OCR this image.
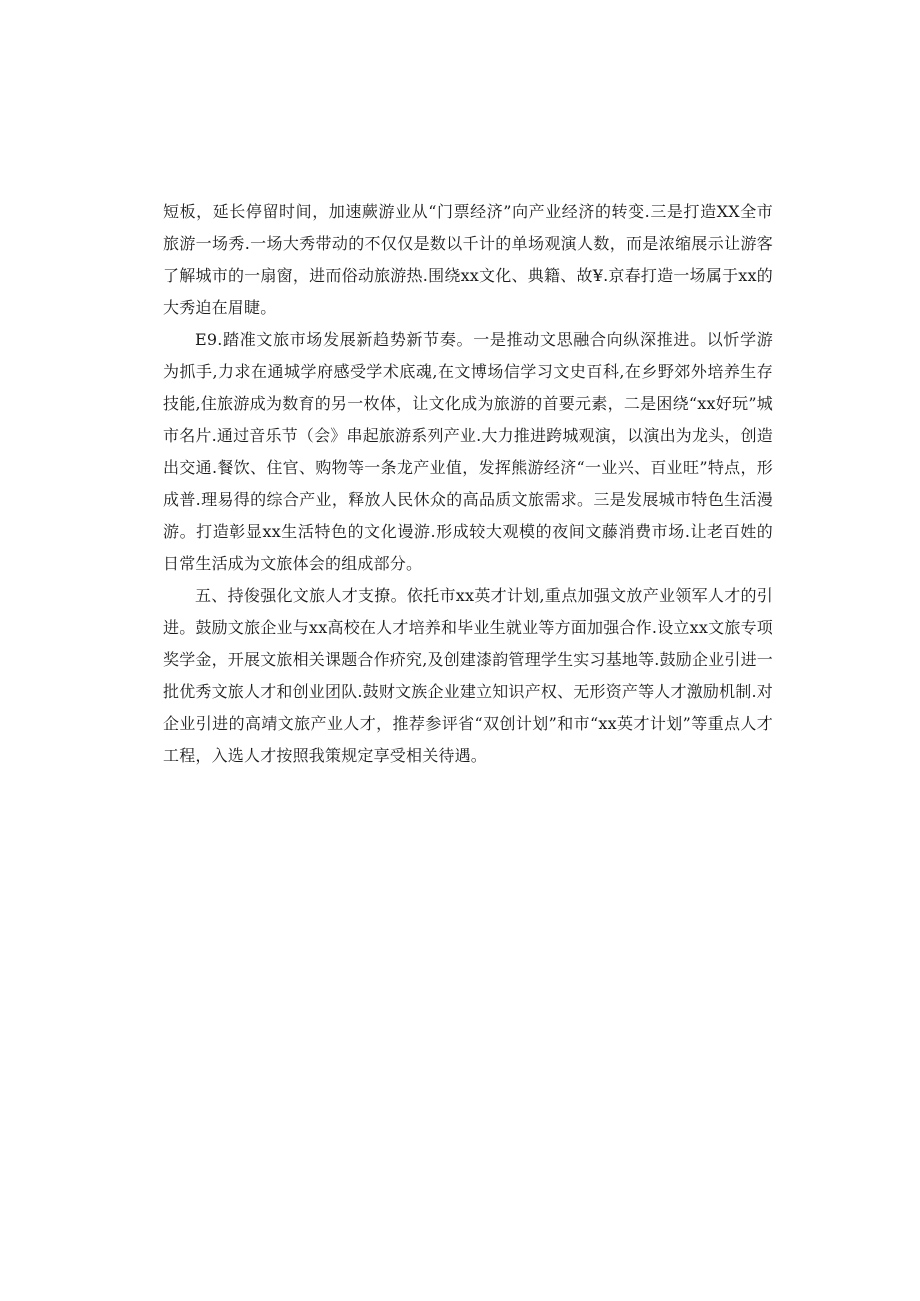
短板，延长停留时间，加速蕨游业从“门票经济”向产业经济的转变.三是打造XX全市旅游一场秀.一场大秀带动的不仅仅是数以千计的单场观演人数，而是浓缩展示让游客了解城市的一扇窗，进而俗动旅游热.围绕xx文化、典籍、故¥.京春打造一场属于xx的大秀迫在眉睫。

E9.踏准文旅市场发展新趋势新节奏。一是推动文思融合向纵深推进。以忻学游为抓手,力求在通城学府感受学术底魂,在文博场信学习文史百科,在乡野郊外培养生存技能,住旅游成为数育的另一枚体，让文化成为旅游的首要元素，二是困绕“xx好玩”城市名片.通过音乐节（会》串起旅游系列产业.大力推进跨城观演，以演出为龙头，创造出交通.餐饮、住官、购物等一条龙产业值，发挥熊游经济“一业兴、百业旺”特点，形成普.理易得的综合产业，释放人民休众的高品质文旅需求。三是发展城市特色生活漫游。打造彰显xx生活特色的文化谩游.形成较大观模的夜间文藤消费市场.让老百姓的日常生活成为文旅体会的组成部分。

五、持俊强化文旅人才支撩。依托市xx英才计划,重点加强文放产业领军人才的引进。鼓励文旅企业与xx高校在人才培养和毕业生就业等方面加强合作.设立xx文旅专项奖学金，开展文旅相关课题合作疥究,及创建漆韵管理学生实习基地等.鼓励企业引进一批优秀文旅人才和创业团队.鼓财文族企业建立知识产权、无形资产等人才激励机制.对企业引进的高靖文旅产业人才，推荐参评省“双创计划”和市“xx英才计划”等重点人才工程，入选人才按照我策规定享受相关待遇。
